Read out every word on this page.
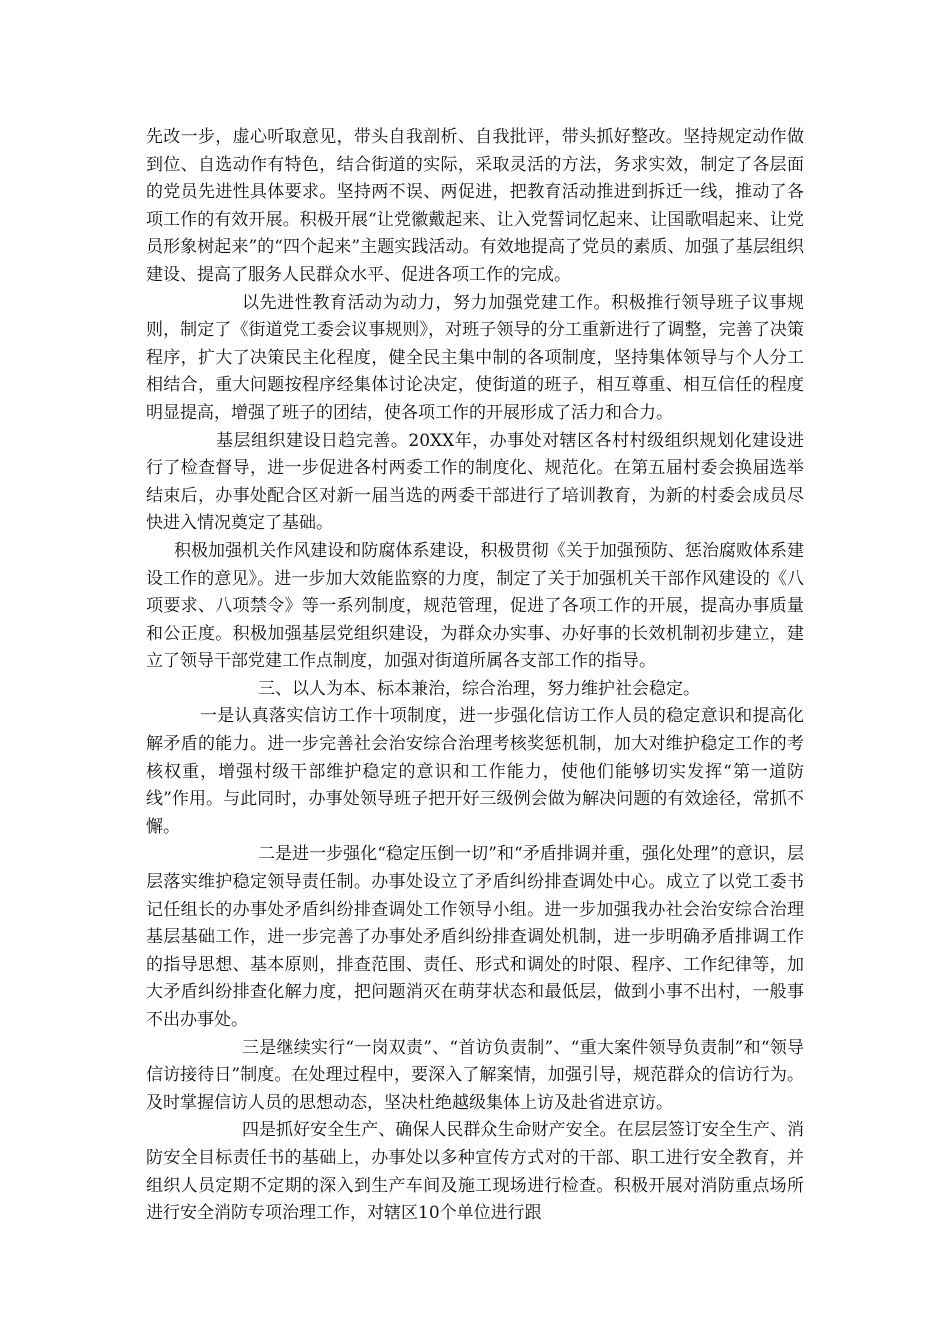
先改一步，虚心听取意见，带头自我剖析、自我批评，带头抓好整改。坚持规定动作做到位、自选动作有特色，结合街道的实际，采取灵活的方法，务求实效，制定了各层面的党员先进性具体要求。坚持两不误、两促进，把教育活动推进到拆迁一线，推动了各项工作的有效开展。积极开展“让党徽戴起来、让入党誓词忆起来、让国歌唱起来、让党员形象树起来”的“四个起来”主题实践活动。有效地提高了党员的素质、加强了基层组织建设、提高了服务人民群众水平、促进各项工作的完成。

以先进性教育活动为动力，努力加强党建工作。积极推行领导班子议事规则，制定了《街道党工委会议事规则》，对班子领导的分工重新进行了调整，完善了决策程序，扩大了决策民主化程度，健全民主集中制的各项制度，坚持集体领导与个人分工相结合，重大问题按程序经集体讨论决定，使街道的班子，相互尊重、相互信任的程度明显提高，增强了班子的团结，使各项工作的开展形成了活力和合力。

基层组织建设日趋完善。20XX年，办事处对辖区各村村级组织规划化建设进行了检查督导，进一步促进各村两委工作的制度化、规范化。在第五届村委会换届选举结束后，办事处配合区对新一届当选的两委干部进行了培训教育，为新的村委会成员尽快进入情况奠定了基础。

积极加强机关作风建设和防腐体系建设，积极贯彻《关于加强预防、惩治腐败体系建设工作的意见》。进一步加大效能监察的力度，制定了关于加强机关干部作风建设的《八项要求、八项禁令》等一系列制度，规范管理，促进了各项工作的开展，提高办事质量和公正度。积极加强基层党组织建设，为群众办实事、办好事的长效机制初步建立，建立了领导干部党建工作点制度，加强对街道所属各支部工作的指导。

三、以人为本、标本兼治，综合治理，努力维护社会稳定。

一是认真落实信访工作十项制度，进一步强化信访工作人员的稳定意识和提高化解矛盾的能力。进一步完善社会治安综合治理考核奖惩机制，加大对维护稳定工作的考核权重，增强村级干部维护稳定的意识和工作能力，使他们能够切实发挥“第一道防线”作用。与此同时，办事处领导班子把开好三级例会做为解决问题的有效途径，常抓不懈。

二是进一步强化“稳定压倒一切”和“矛盾排调并重，强化处理”的意识，层层落实维护稳定领导责任制。办事处设立了矛盾纠纷排查调处中心。成立了以党工委书记任组长的办事处矛盾纠纷排查调处工作领导小组。进一步加强我办社会治安综合治理基层基础工作，进一步完善了办事处矛盾纠纷排查调处机制，进一步明确矛盾排调工作的指导思想、基本原则，排查范围、责任、形式和调处的时限、程序、工作纪律等，加大矛盾纠纷排查化解力度，把问题消灭在萌芽状态和最低层，做到小事不出村，一般事不出办事处。

三是继续实行“一岗双责”、“首访负责制”、“重大案件领导负责制”和“领导信访接待日”制度。在处理过程中，要深入了解案情，加强引导，规范群众的信访行为。及时掌握信访人员的思想动态，坚决杜绝越级集体上访及赴省进京访。

四是抓好安全生产、确保人民群众生命财产安全。在层层签订安全生产、消防安全目标责任书的基础上，办事处以多种宣传方式对的干部、职工进行安全教育，并组织人员定期不定期的深入到生产车间及施工现场进行检查。积极开展对消防重点场所进行安全消防专项治理工作，对辖区10个单位进行跟
